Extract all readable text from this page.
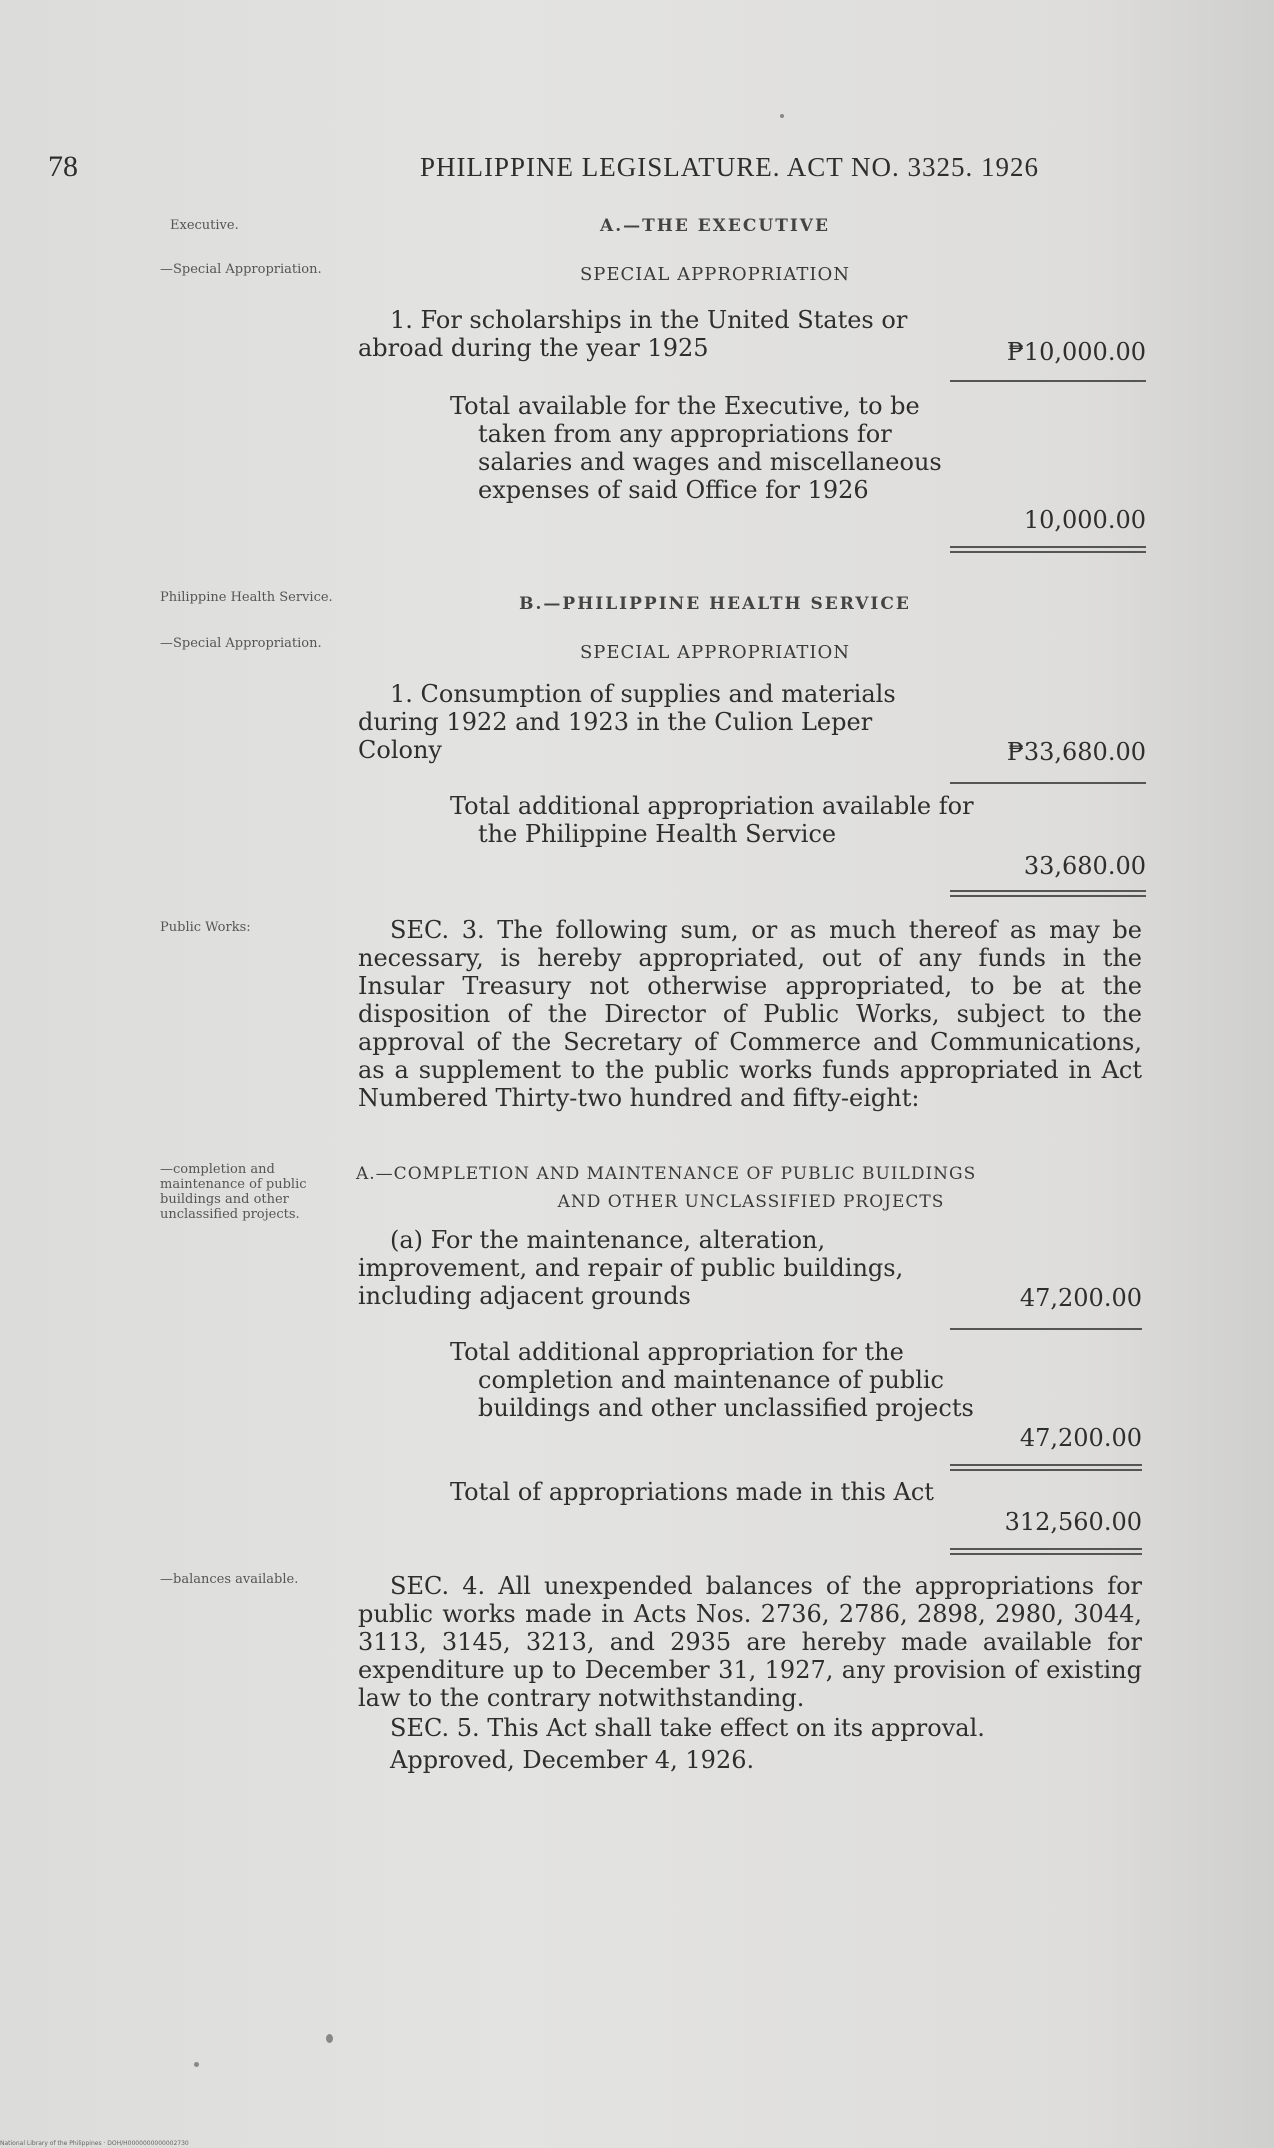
78	PHILIPPINE LEGISLATURE. ACT NO. 3325. 1926
Executive.	A.—THE EXECUTIVE
—Special Appropriation.	SPECIAL APPROPRIATION
1. For scholarships in the United States or abroad during the year 1925	₱10,000.00
Total available for the Executive, to be taken from any appropriations for salaries and wages and miscellaneous expenses of said Office for 1926
10,000.00
Philippine Health Service.	B.—PHILIPPINE HEALTH SERVICE
—Special Appropriation.	SPECIAL APPROPRIATION
1. Consumption of supplies and materials during 1922 and 1923 in the Culion Leper Colony	₱33,680.00
Total additional appropriation available for the Philippine Health Service
33,680.00
Public Works:	SEC. 3. The following sum, or as much thereof as may be necessary, is hereby appropriated, out of any funds in the Insular Treasury not otherwise appropriated, to be at the disposition of the Director of Public Works, subject to the approval of the Secretary of Commerce and Communications, as a supplement to the public works funds appropriated in Act Numbered Thirty-two hundred and fifty-eight:
—completion and maintenance of public buildings and other unclassified projects.
A.—COMPLETION AND MAINTENANCE OF PUBLIC BUILDINGS
AND OTHER UNCLASSIFIED PROJECTS
(a) For the maintenance, alteration, improvement, and repair of public buildings, including adjacent grounds	47,200.00
Total additional appropriation for the completion and maintenance of public buildings and other unclassified projects
47,200.00
Total of appropriations made in this Act
312,560.00
—balances available.	SEC. 4. All unexpended balances of the appropriations for public works made in Acts Nos. 2736, 2786, 2898, 2980, 3044, 3113, 3145, 3213, and 2935 are hereby made available for expenditure up to December 31, 1927, any provision of existing law to the contrary notwithstanding.
SEC. 5. This Act shall take effect on its approval.
Approved, December 4, 1926.
National Library of the Philippines · DOH/H0000000000002730
